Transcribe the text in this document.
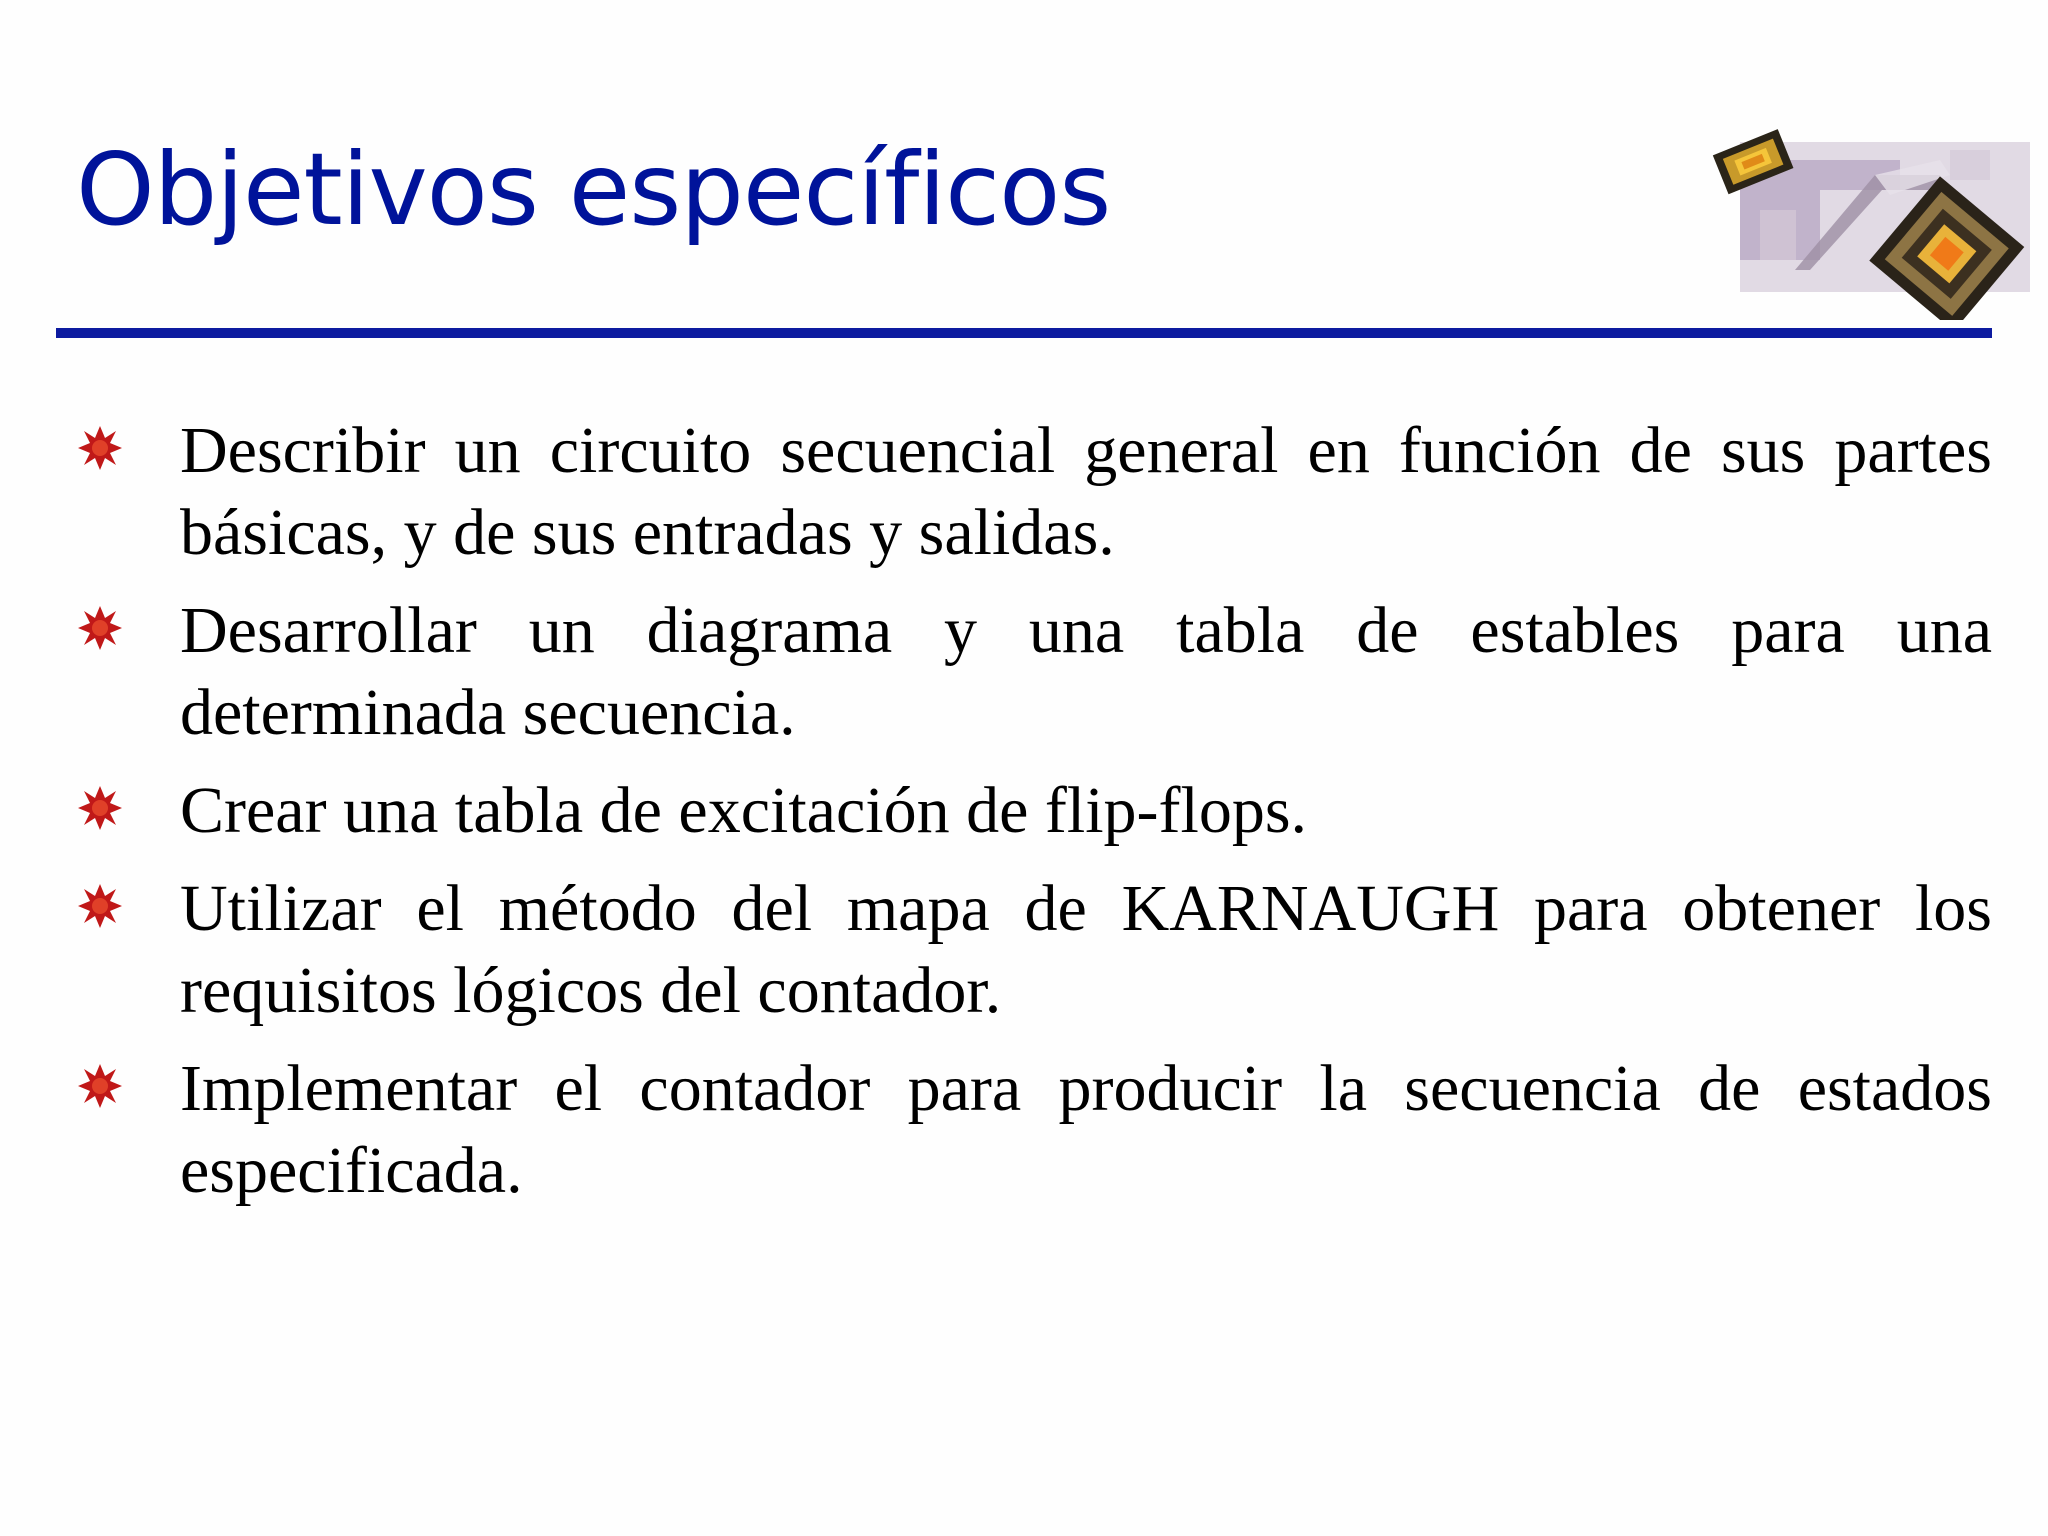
Objetivos específicos
Describir un circuito secuencial general en función de sus partes básicas, y de sus entradas y salidas.
Desarrollar un diagrama y una tabla de estables para una determinada secuencia.
Crear una tabla de excitación de flip-flops.
Utilizar el método del mapa de KARNAUGH para obtener los requisitos lógicos del contador.
Implementar el contador para producir la secuencia de estados especificada.
